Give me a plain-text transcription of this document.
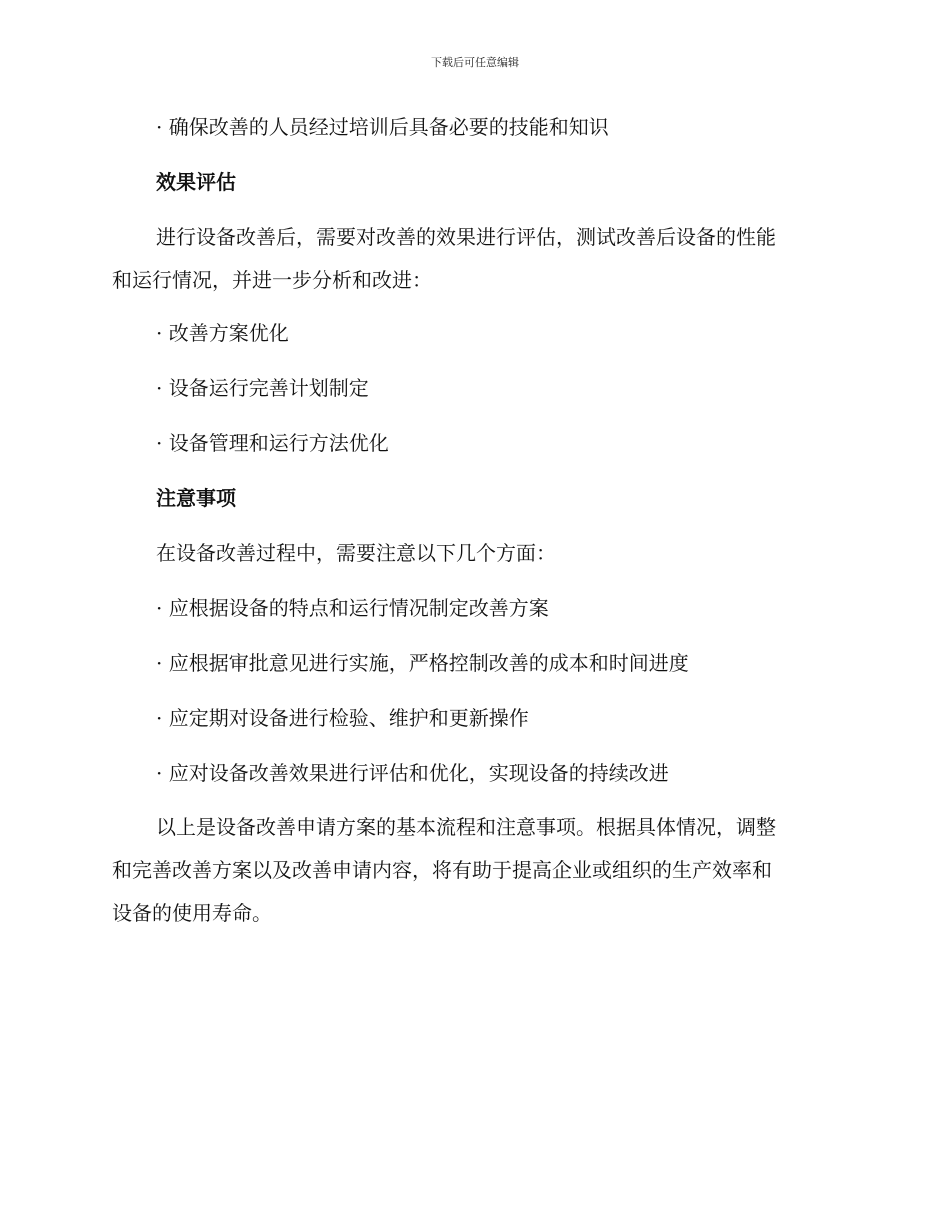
下载后可任意编辑
· 确保改善的人员经过培训后具备必要的技能和知识
效果评估
进行设备改善后，需要对改善的效果进行评估，测试改善后设备的性能
和运行情况，并进一步分析和改进：
· 改善方案优化
· 设备运行完善计划制定
· 设备管理和运行方法优化
注意事项
在设备改善过程中，需要注意以下几个方面：
· 应根据设备的特点和运行情况制定改善方案
· 应根据审批意见进行实施，严格控制改善的成本和时间进度
· 应定期对设备进行检验、维护和更新操作
· 应对设备改善效果进行评估和优化，实现设备的持续改进
以上是设备改善申请方案的基本流程和注意事项。根据具体情况，调整
和完善改善方案以及改善申请内容，将有助于提高企业或组织的生产效率和
设备的使用寿命。
